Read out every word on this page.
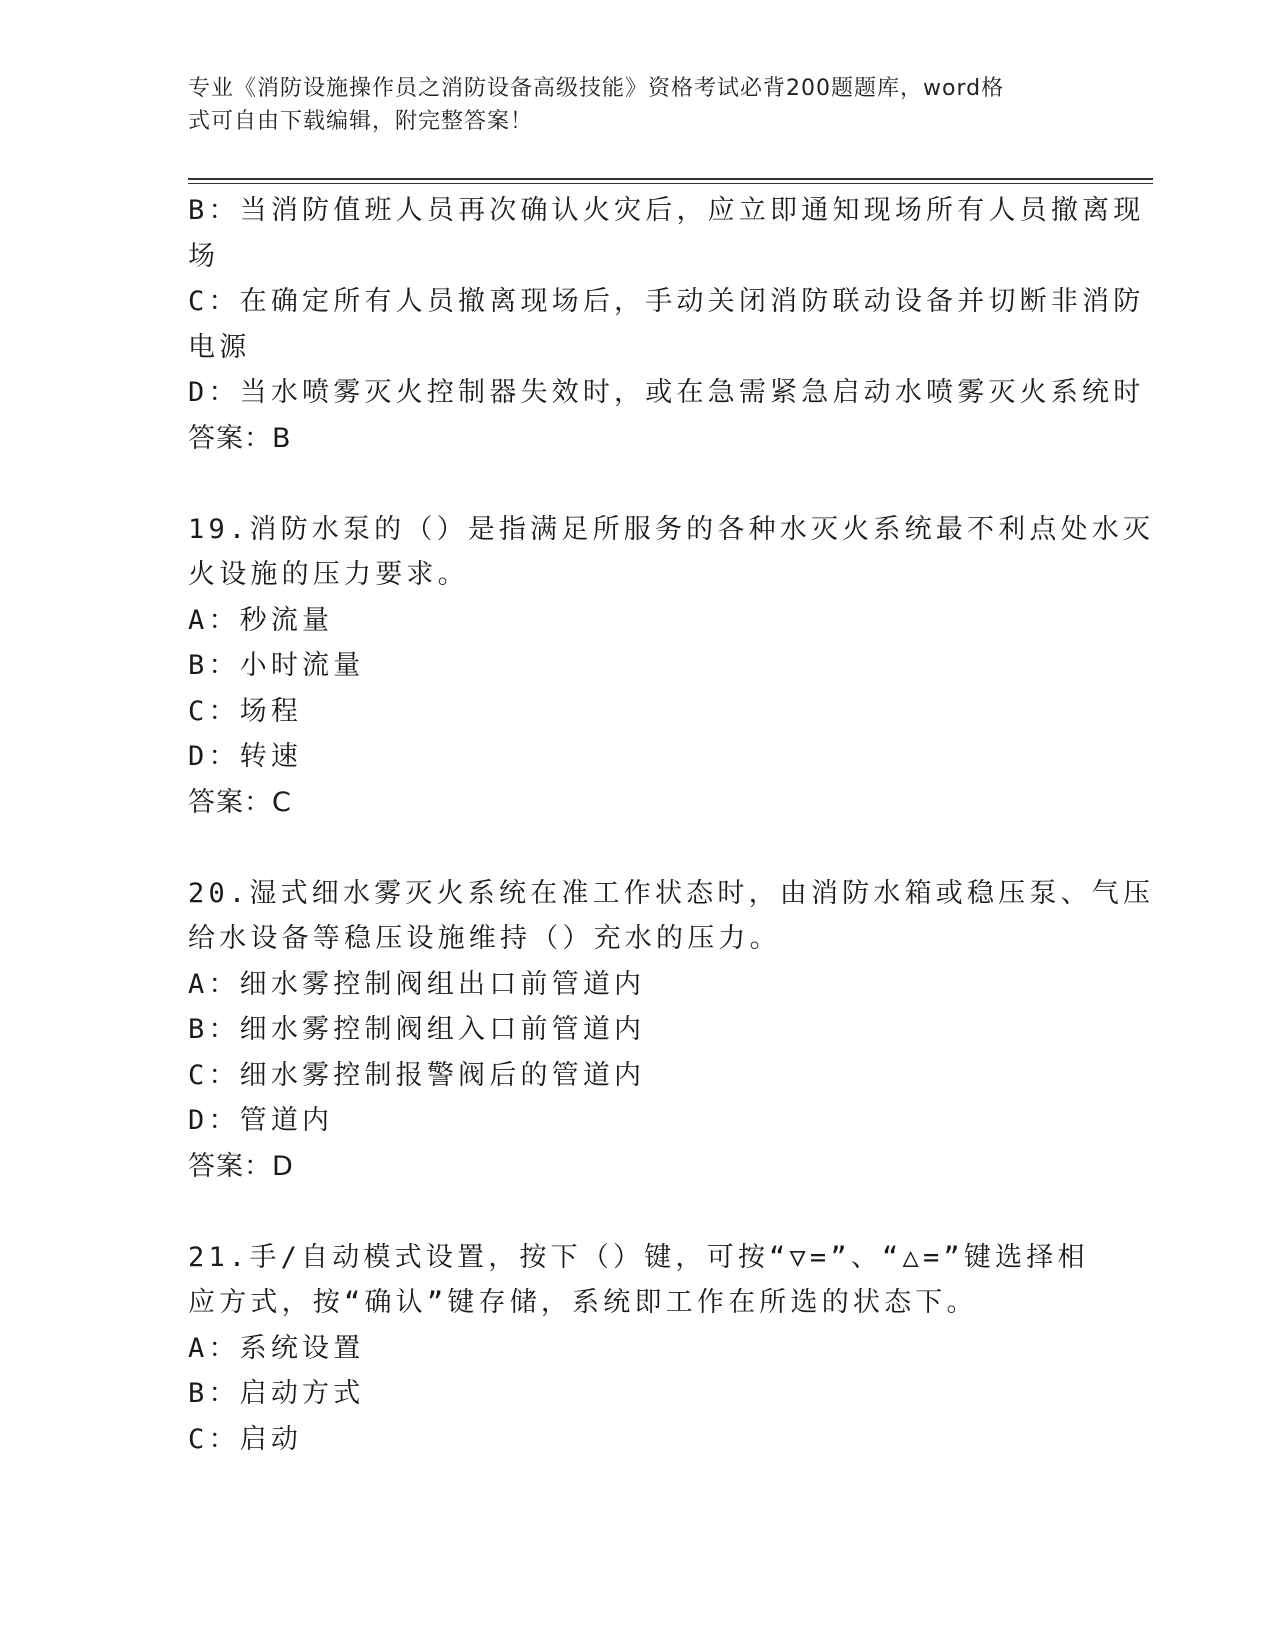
专业《消防设施操作员之消防设备高级技能》资格考试必背200题题库，word格
式可自由下载编辑，附完整答案！
B：当消防值班人员再次确认火灾后，应立即通知现场所有人员撤离现
场
C：在确定所有人员撤离现场后，手动关闭消防联动设备并切断非消防
电源
D：当水喷雾灭火控制器失效时，或在急需紧急启动水喷雾灭火系统时
答案：B
19.消防水泵的（）是指满足所服务的各种水灭火系统最不利点处水灭
火设施的压力要求。
A：秒流量
B：小时流量
C：场程
D：转速
答案：C
20.湿式细水雾灭火系统在准工作状态时，由消防水箱或稳压泵、气压
给水设备等稳压设施维持（）充水的压力。
A：细水雾控制阀组出口前管道内
B：细水雾控制阀组入口前管道内
C：细水雾控制报警阀后的管道内
D：管道内
答案：D
21.手/自动模式设置，按下（）键，可按“▽=”、“△=”键选择相
应方式，按“确认”键存储，系统即工作在所选的状态下。
A：系统设置
B：启动方式
C：启动
